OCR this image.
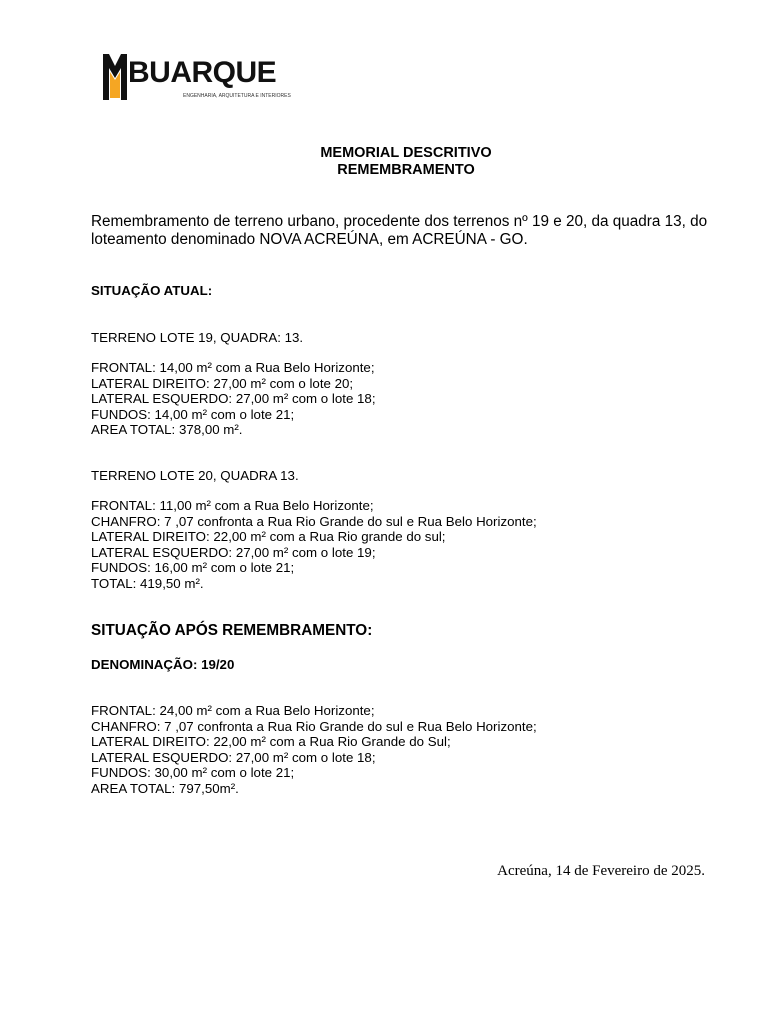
BUARQUE
ENGENHARIA, ARQUITETURA E INTERIORES
MEMORIAL DESCRITIVO
REMEMBRAMENTO
Remembramento de terreno urbano, procedente dos terrenos nº 19 e 20, da quadra 13, do loteamento denominado NOVA ACREÚNA, em ACREÚNA - GO.
SITUAÇÃO ATUAL:
TERRENO LOTE 19, QUADRA: 13.
FRONTAL: 14,00 m² com a Rua Belo Horizonte;
LATERAL DIREITO: 27,00 m² com o lote 20;
LATERAL ESQUERDO: 27,00 m² com o lote 18;
FUNDOS: 14,00 m² com o lote 21;
AREA TOTAL: 378,00 m².
TERRENO LOTE 20, QUADRA 13.
FRONTAL: 11,00 m² com a Rua Belo Horizonte;
CHANFRO: 7 ,07 confronta a Rua Rio Grande do sul e Rua Belo Horizonte;
LATERAL DIREITO: 22,00 m² com a Rua Rio grande do sul;
LATERAL ESQUERDO: 27,00 m² com o lote 19;
FUNDOS: 16,00 m² com o lote 21;
TOTAL: 419,50 m².
SITUAÇÃO APÓS REMEMBRAMENTO:
DENOMINAÇÃO: 19/20
FRONTAL: 24,00 m² com a Rua Belo Horizonte;
CHANFRO: 7 ,07 confronta a Rua Rio Grande do sul e Rua Belo Horizonte;
LATERAL DIREITO: 22,00 m² com a Rua Rio Grande do Sul;
LATERAL ESQUERDO: 27,00 m² com o lote 18;
FUNDOS: 30,00 m² com o lote 21;
AREA TOTAL: 797,50m².
Acreúna, 14 de Fevereiro de 2025.
